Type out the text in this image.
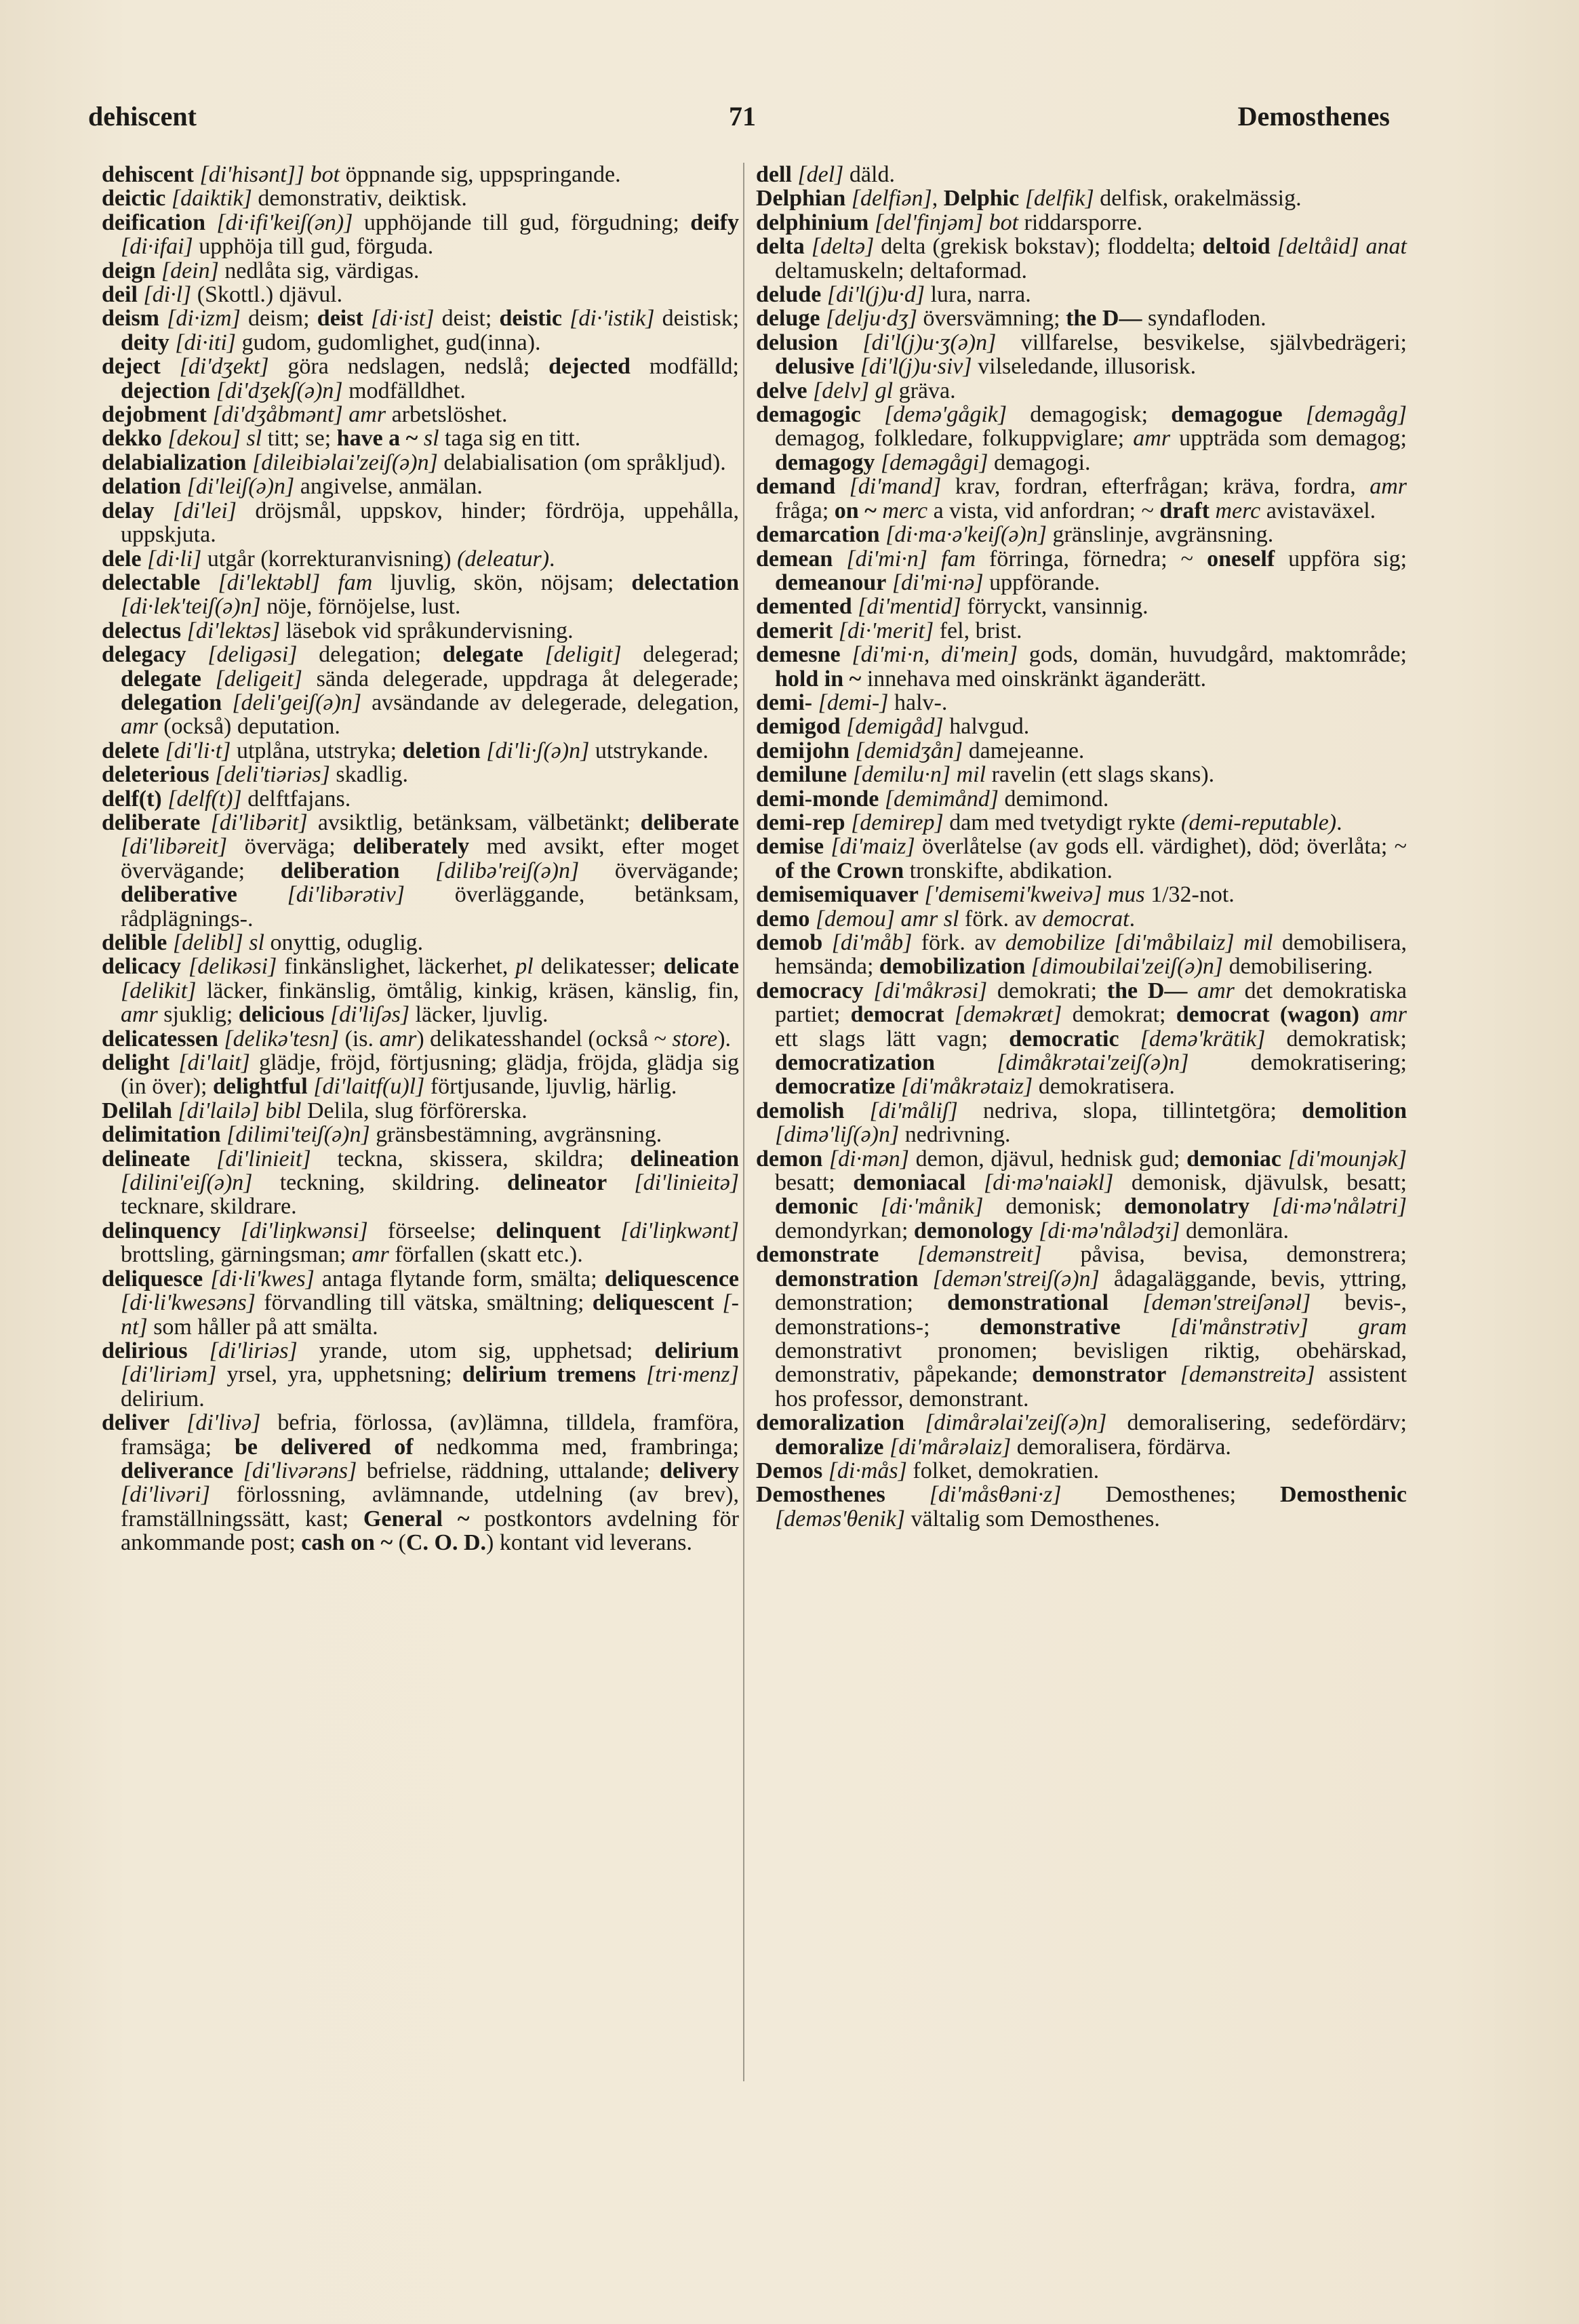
dehiscent	71	Demosthenes

dehiscent [di'hisənt]] bot öppnande sig, uppspringande.

deictic [daiktik] demonstrativ, deiktisk.

deification [di·ifi'keiʃ(ən)] upphöjande till gud, förgudning; deify [di·ifai] upphöja till gud, förguda.

deign [dein] nedlåta sig, värdigas.

deil [di·l] (Skottl.) djävul.

deism [di·izm] deism; deist [di·ist] deist; deistic [di·'istik] deistisk; deity [di·iti] gudom, gudomlighet, gud(inna).

deject [di'dʒekt] göra nedslagen, nedslå; dejected modfälld; dejection [di'dʒekʃ(ə)n] modfälldhet.

dejobment [di'dʒåbmənt] amr arbetslöshet.

dekko [dekou] sl titt; se; have a ~ sl taga sig en titt.

delabialization [dileibiəlai'zeiʃ(ə)n] delabialisation (om språkljud).

delation [di'leiʃ(ə)n] angivelse, anmälan.

delay [di'lei] dröjsmål, uppskov, hinder; fördröja, uppehålla, uppskjuta.

dele [di·li] utgår (korrekturanvisning) (deleatur).

delectable [di'lektəbl] fam ljuvlig, skön, nöjsam; delectation [di·lek'teiʃ(ə)n] nöje, förnöjelse, lust.

delectus [di'lektəs] läsebok vid språkundervisning.

delegacy [deligəsi] delegation; delegate [deligit] delegerad; delegate [deligeit] sända delegerade, uppdraga åt delegerade; delegation [deli'geiʃ(ə)n] avsändande av delegerade, delegation, amr (också) deputation.

delete [di'li·t] utplåna, utstryka; deletion [di'li·ʃ(ə)n] utstrykande.

deleterious [deli'tiəriəs] skadlig.

delf(t) [delf(t)] delftfajans.

deliberate [di'libərit] avsiktlig, betänksam, välbetänkt; deliberate [di'libəreit] överväga; deliberately med avsikt, efter moget övervägande; deliberation [dilibə'reiʃ(ə)n] övervägande; deliberative [di'libərətiv] överläggande, betänksam, rådplägnings-.

delible [delibl] sl onyttig, oduglig.

delicacy [delikəsi] finkänslighet, läckerhet, pl delikatesser; delicate [delikit] läcker, finkänslig, ömtålig, kinkig, kräsen, känslig, fin, amr sjuklig; delicious [di'liʃəs] läcker, ljuvlig.

delicatessen [delikə'tesn] (is. amr) delikatesshandel (också ~ store).

delight [di'lait] glädje, fröjd, förtjusning; glädja, fröjda, glädja sig (in över); delightful [di'laitf(u)l] förtjusande, ljuvlig, härlig.

Delilah [di'lailə] bibl Delila, slug förförerska.

delimitation [dilimi'teiʃ(ə)n] gränsbestämning, avgränsning.

delineate [di'linieit] teckna, skissera, skildra; delineation [dilini'eiʃ(ə)n] teckning, skildring. delineator [di'linieitə] tecknare, skildrare.

delinquency [di'liŋkwənsi] förseelse; delinquent [di'liŋkwənt] brottsling, gärningsman; amr förfallen (skatt etc.).

deliquesce [di·li'kwes] antaga flytande form, smälta; deliquescence [di·li'kwesəns] förvandling till vätska, smältning; deliquescent [-nt] som håller på att smälta.

delirious [di'liriəs] yrande, utom sig, upphetsad; delirium [di'liriəm] yrsel, yra, upphetsning; delirium tremens [tri·menz] delirium.

deliver [di'livə] befria, förlossa, (av)lämna, tilldela, framföra, framsäga; be delivered of nedkomma med, frambringa; deliverance [di'livərəns] befrielse, räddning, uttalande; delivery [di'livəri] förlossning, avlämnande, utdelning (av brev), framställningssätt, kast; General ~ postkontors avdelning för ankommande post; cash on ~ (C. O. D.) kontant vid leverans.

dell [del] däld.

Delphian [delfiən], Delphic [delfik] delfisk, orakelmässig.

delphinium [del'finjəm] bot riddarsporre.

delta [deltə] delta (grekisk bokstav); floddelta; deltoid [deltåid] anat deltamuskeln; deltaformad.

delude [di'l(j)u·d] lura, narra.

deluge [delju·dʒ] översvämning; the D— syndafloden.

delusion [di'l(j)u·ʒ(ə)n] villfarelse, besvikelse, självbedrägeri; delusive [di'l(j)u·siv] vilseledande, illusorisk.

delve [delv] gl gräva.

demagogic [demə'gågik] demagogisk; demagogue [deməgåg] demagog, folkledare, folkuppviglare; amr uppträda som demagog; demagogy [deməgågi] demagogi.

demand [di'mand] krav, fordran, efterfrågan; kräva, fordra, amr fråga; on ~ merc a vista, vid anfordran; ~ draft merc avistaväxel.

demarcation [di·ma·ə'keiʃ(ə)n] gränslinje, avgränsning.

demean [di'mi·n] fam förringa, förnedra; ~ oneself uppföra sig; demeanour [di'mi·nə] uppförande.

demented [di'mentid] förryckt, vansinnig.

demerit [di·'merit] fel, brist.

demesne [di'mi·n, di'mein] gods, domän, huvudgård, maktområde; hold in ~ innehava med oinskränkt äganderätt.

demi- [demi-] halv-.

demigod [demigåd] halvgud.

demijohn [demidʒån] damejeanne.

demilune [demilu·n] mil ravelin (ett slags skans).

demi-monde [demimånd] demimond.

demi-rep [demirep] dam med tvetydigt rykte (demi-reputable).

demise [di'maiz] överlåtelse (av gods ell. värdighet), död; överlåta; ~ of the Crown tronskifte, abdikation.

demisemiquaver ['demisemi'kweivə] mus 1/32-not.

demo [demou] amr sl förk. av democrat.

demob [di'måb] förk. av demobilize [di'måbilaiz] mil demobilisera, hemsända; demobilization [dimoubilai'zeiʃ(ə)n] demobilisering.

democracy [di'måkrəsi] demokrati; the D— amr det demokratiska partiet; democrat [deməkræt] demokrat; democrat (wagon) amr ett slags lätt vagn; democratic [demə'krätik] demokratisk; democratization	[dimåkrətai'zeiʃ(ə)n] demokratisering; democratize [di'måkrətaiz] demokratisera.

demolish [di'måliʃ] nedriva, slopa, tillintetgöra; demolition [dimə'liʃ(ə)n] nedrivning.

demon [di·mən] demon, djävul, hednisk gud; demoniac [di'mounjək] besatt; demoniacal [di·mə'naiəkl] demonisk, djävulsk, besatt; demonic [di·'månik] demonisk; demonolatry [di·mə'nålətri] demondyrkan; demonology [di·mə'nålədʒi] demonlära.

demonstrate [demənstreit] påvisa, bevisa, demonstrera; demonstration [demən'streiʃ(ə)n] ådagaläggande, bevis, yttring, demonstration; demonstrational [demən'streiʃənəl] bevis-, demonstrations-; demonstrative [di'månstrətiv] gram demonstrativt pronomen; bevisligen riktig, obehärskad, demonstrativ, påpekande; demonstrator [demənstreitə] assistent hos professor, demonstrant.

demoralization [dimårəlai'zeiʃ(ə)n] demoralisering, sedefördärv; demoralize [di'mårəlaiz] demoralisera, fördärva.

Demos [di·mås] folket, demokratien.

Demosthenes [di'måsθəni·z] Demosthenes; Demosthenic [deməs'θenik] vältalig som Demosthenes.
